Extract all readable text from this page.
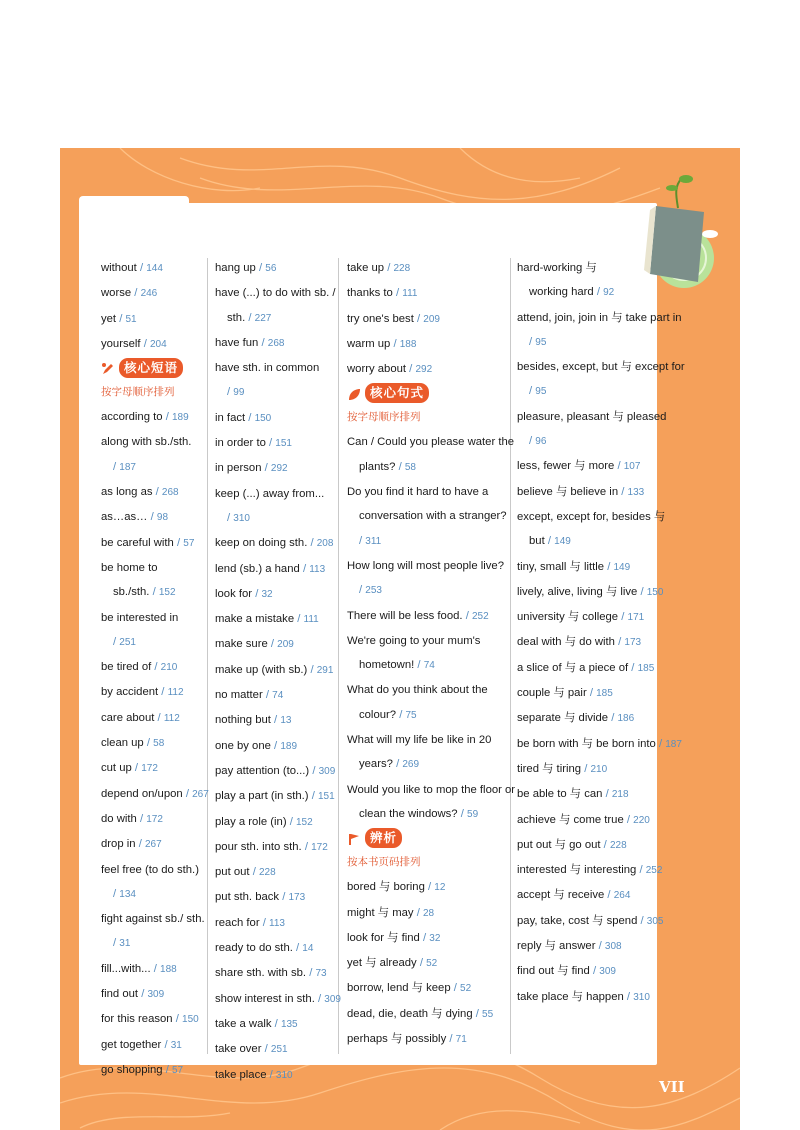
without / 144
worse / 246
yet / 51
yourself / 204
核心短语
按字母顺序排列
according to / 189
along with sb./sth.
/ 187
as long as / 268
as…as… / 98
be careful with / 57
be home to
sb./sth. / 152
be interested in
/ 251
be tired of / 210
by accident / 112
care about / 112
clean up / 58
cut up / 172
depend on/upon / 267
do with / 172
drop in / 267
feel free (to do sth.)
/ 134
fight against sb./ sth.
/ 31
fill...with... / 188
find out / 309
for this reason / 150
get together / 31
go shopping / 57
hang up / 56
have (...) to do with sb. /
sth. / 227
have fun / 268
have sth. in common
/ 99
in fact / 150
in order to / 151
in person / 292
keep (...) away from...
/ 310
keep on doing sth. / 208
lend (sb.) a hand / 113
look for / 32
make a mistake / 111
make sure / 209
make up (with sb.) / 291
no matter / 74
nothing but / 13
one by one / 189
pay attention (to...) / 309
play a part (in sth.) / 151
play a role (in) / 152
pour sth. into sth. / 172
put out / 228
put sth. back / 173
reach for / 113
ready to do sth. / 14
share sth. with sb. / 73
show interest in sth. / 309
take a walk / 135
take over / 251
take place / 310
take up / 228
thanks to / 111
try one's best / 209
warm up / 188
worry about / 292
核心句式
按字母顺序排列
Can / Could you please water the
plants? / 58
Do you find it hard to have a
conversation with a stranger?
/ 311
How long will most people live?
/ 253
There will be less food. / 252
We're going to your mum's
hometown! / 74
What do you think about the
colour? / 75
What will my life be like in 20
years? / 269
Would you like to mop the floor or
clean the windows? / 59
辨析
按本书页码排列
bored 与 boring / 12
might 与 may / 28
look for 与 find / 32
yet 与 already / 52
borrow, lend 与 keep / 52
dead, die, death 与 dying / 55
perhaps 与 possibly / 71
hard-working 与
working hard / 92
attend, join, join in 与 take part in
/ 95
besides, except, but 与 except for
/ 95
pleasure, pleasant 与 pleased
/ 96
less, fewer 与 more / 107
believe 与 believe in / 133
except, except for, besides 与
but / 149
tiny, small 与 little / 149
lively, alive, living 与 live / 150
university 与 college / 171
deal with 与 do with / 173
a slice of 与 a piece of / 185
couple 与 pair / 185
separate 与 divide / 186
be born with 与 be born into / 187
tired 与 tiring / 210
be able to 与 can / 218
achieve 与 come true / 220
put out 与 go out / 228
interested 与 interesting / 252
accept 与 receive / 264
pay, take, cost 与 spend / 305
reply 与 answer / 308
find out 与 find / 309
take place 与 happen / 310
VII
